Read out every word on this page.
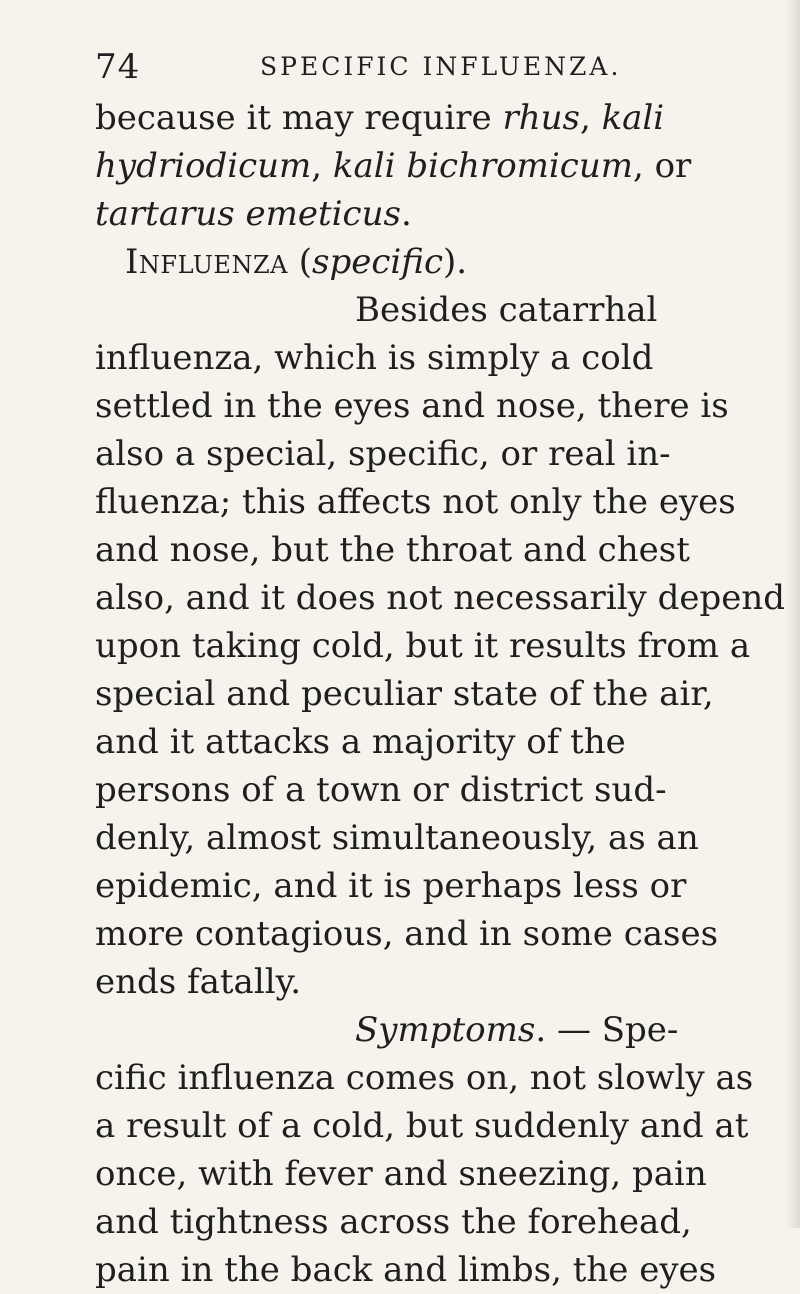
74	SPECIFIC INFLUENZA.
because it may require rhus, kali
hydriodicum, kali bichromicum, or
tartarus emeticus.
Influenza (specific).
Besides catarrhal
influenza, which is simply a cold
settled in the eyes and nose, there is
also a special, specific, or real in-
fluenza; this affects not only the eyes
and nose, but the throat and chest
also, and it does not necessarily depend
upon taking cold, but it results from a
special and peculiar state of the air,
and it attacks a majority of the
persons of a town or district sud-
denly, almost simultaneously, as an
epidemic, and it is perhaps less or
more contagious, and in some cases
ends fatally.
Symptoms. — Spe-
cific influenza comes on, not slowly as
a result of a cold, but suddenly and at
once, with fever and sneezing, pain
and tightness across the forehead,
pain in the back and limbs, the eyes
